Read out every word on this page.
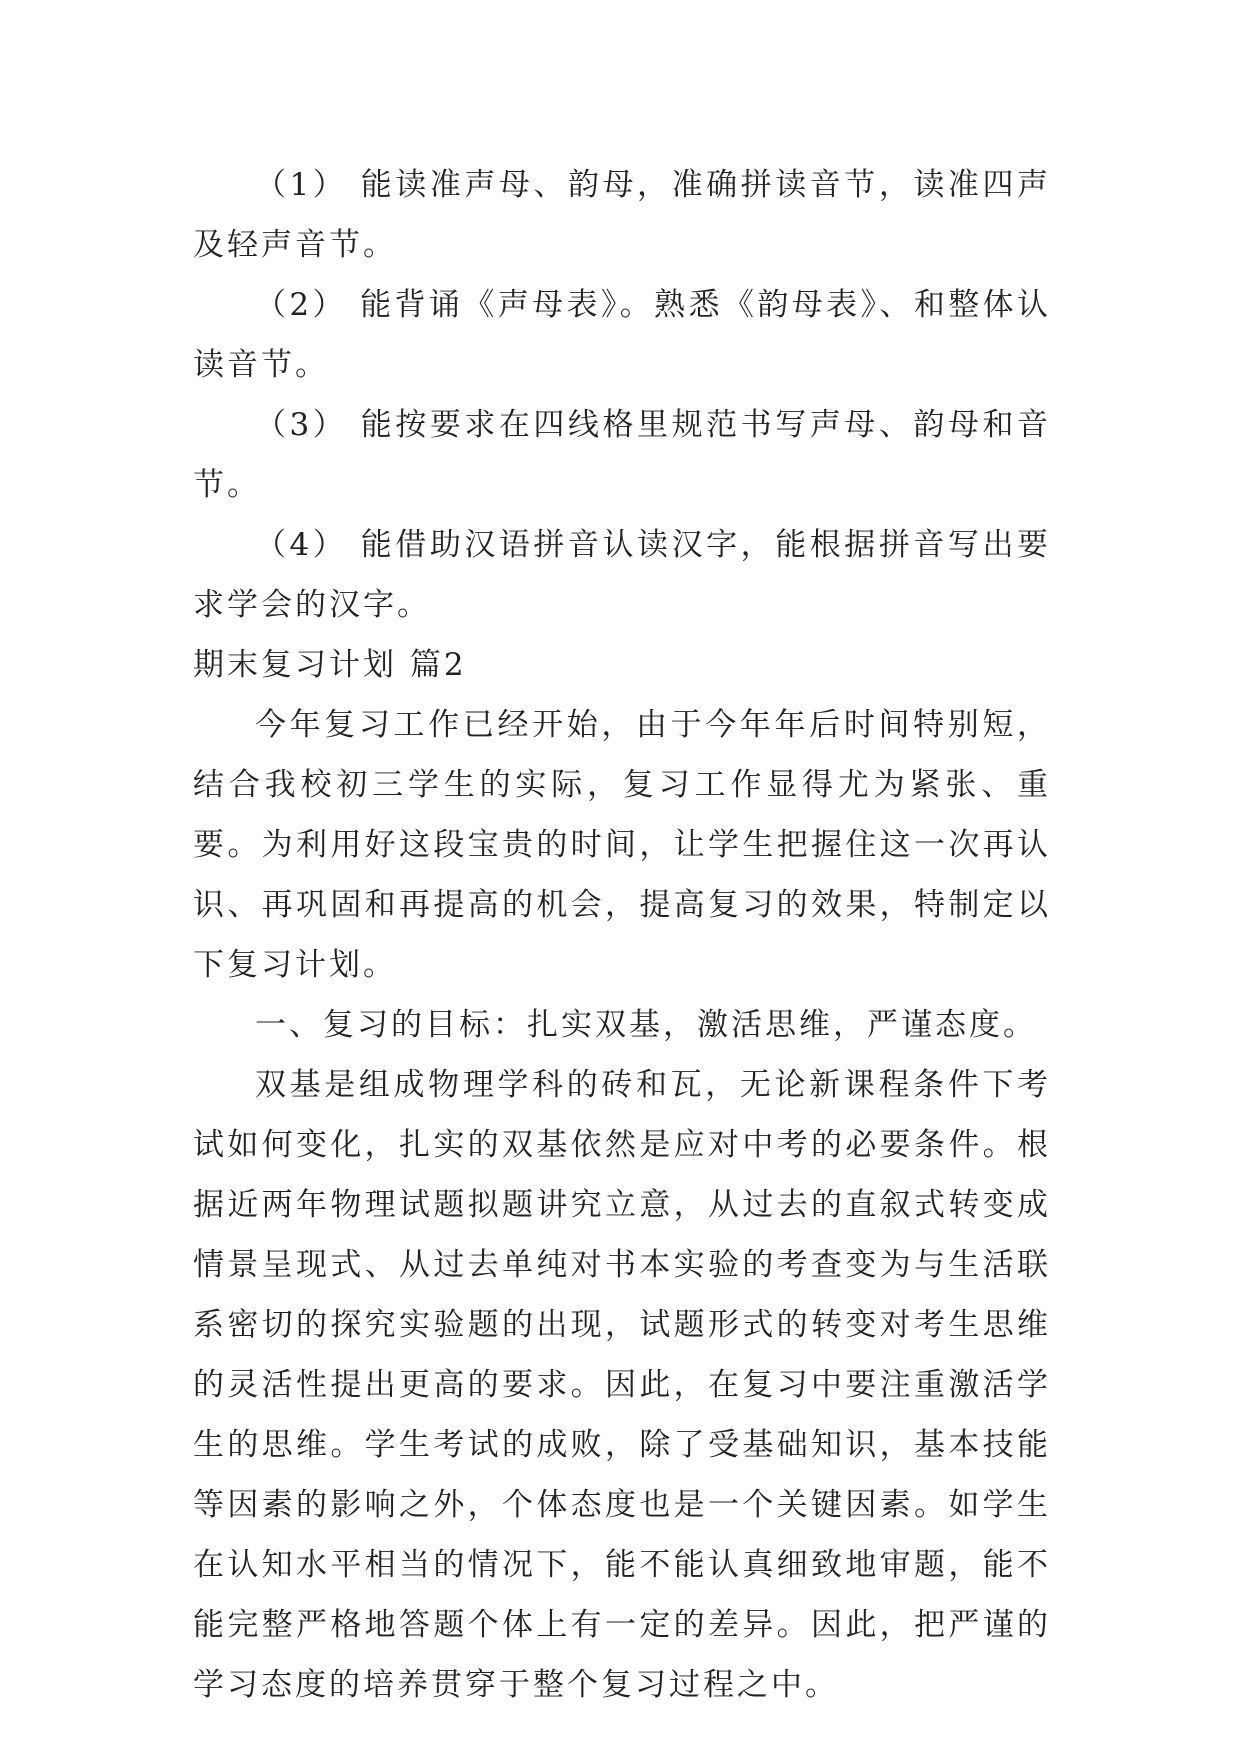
（1） 能读准声母、韵母，准确拼读音节，读准四声及轻声音节。

（2） 能背诵《声母表》。熟悉《韵母表》、和整体认读音节。

（3） 能按要求在四线格里规范书写声母、韵母和音节。

（4） 能借助汉语拼音认读汉字，能根据拼音写出要求学会的汉字。

期末复习计划 篇2

今年复习工作已经开始，由于今年年后时间特别短，结合我校初三学生的实际，复习工作显得尤为紧张、重要。为利用好这段宝贵的时间，让学生把握住这一次再认识、再巩固和再提高的机会，提高复习的效果，特制定以下复习计划。

一、复习的目标：扎实双基，激活思维，严谨态度。

双基是组成物理学科的砖和瓦，无论新课程条件下考试如何变化，扎实的双基依然是应对中考的必要条件。根据近两年物理试题拟题讲究立意，从过去的直叙式转变成情景呈现式、从过去单纯对书本实验的考查变为与生活联系密切的探究实验题的出现，试题形式的转变对考生思维的灵活性提出更高的要求。因此，在复习中要注重激活学生的思维。学生考试的成败，除了受基础知识，基本技能等因素的影响之外，个体态度也是一个关键因素。如学生在认知水平相当的情况下，能不能认真细致地审题，能不能完整严格地答题个体上有一定的差异。因此，把严谨的学习态度的培养贯穿于整个复习过程之中。
